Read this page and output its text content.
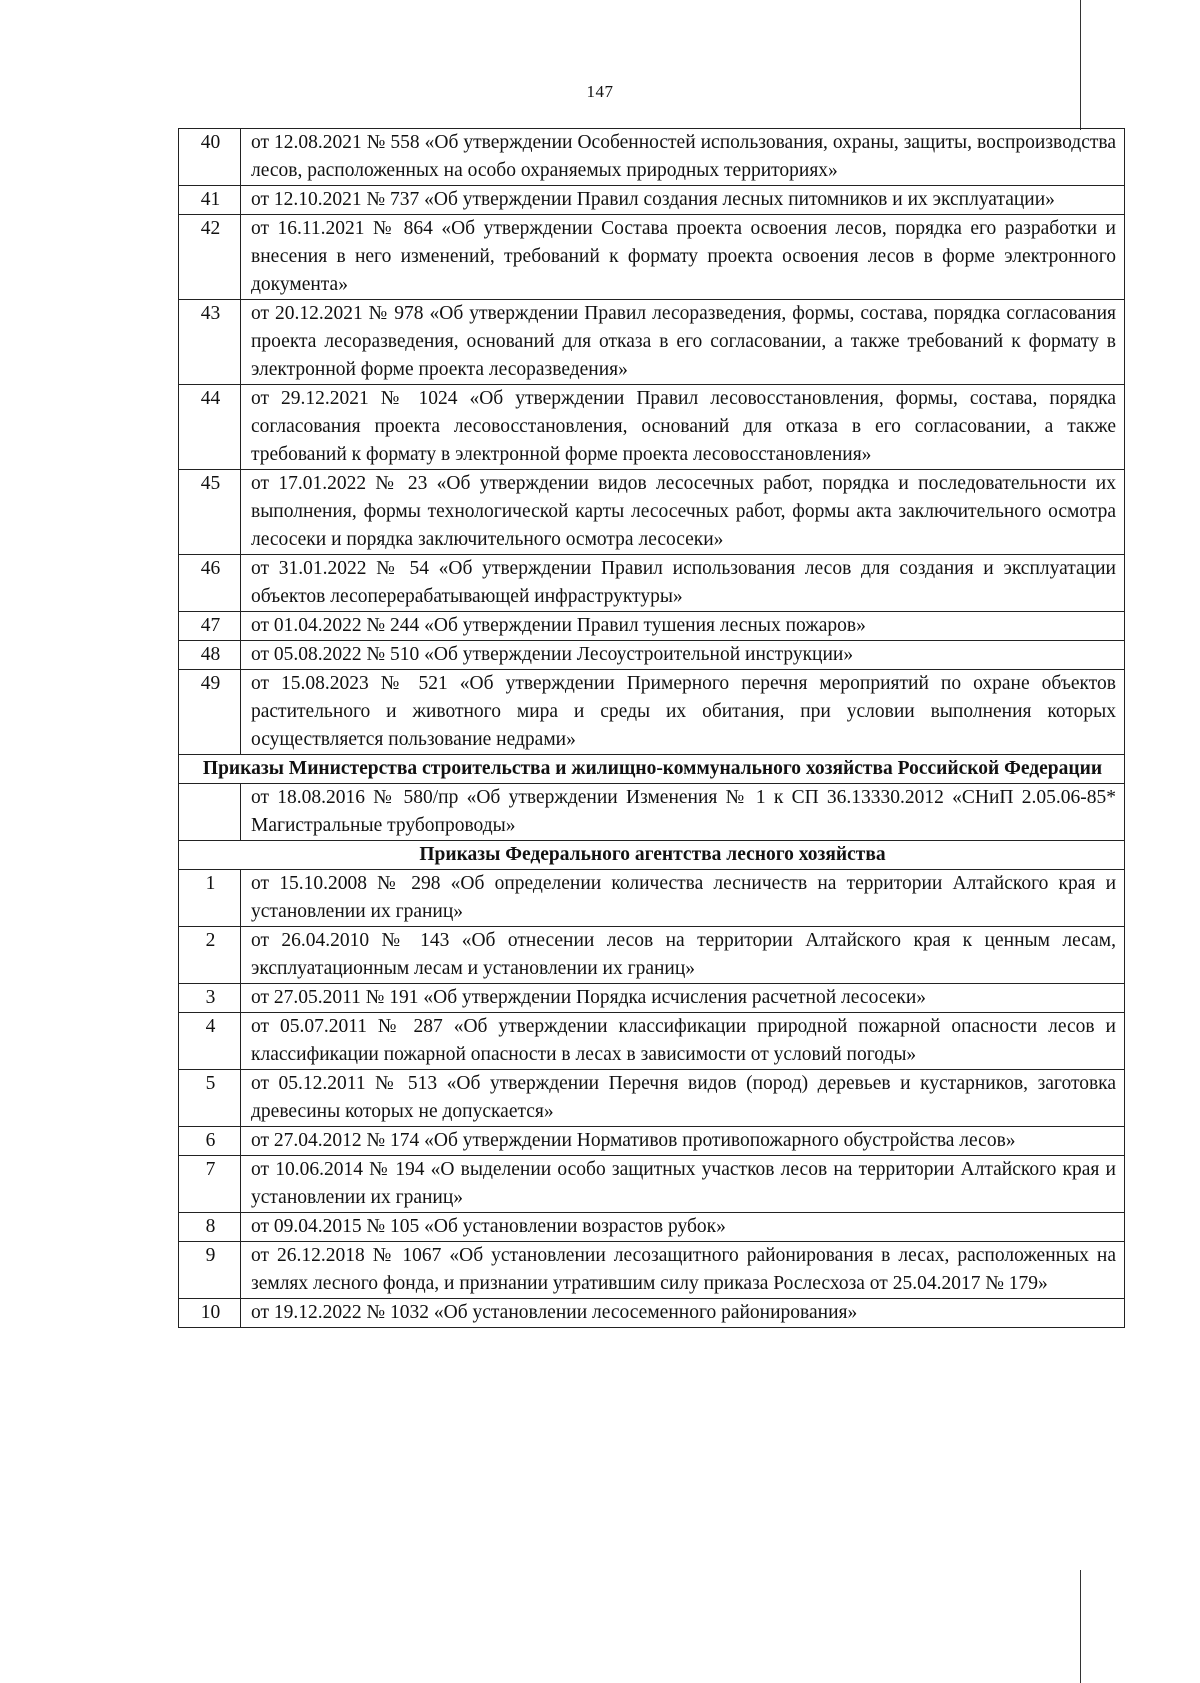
147
40	от 12.08.2021 № 558 «Об утверждении Особенностей использования, охраны, защиты, воспроизводства лесов, расположенных на особо охраняемых природных территориях»
41	от 12.10.2021 № 737 «Об утверждении Правил создания лесных питомников и их эксплуатации»
42	от 16.11.2021 № 864 «Об утверждении Состава проекта освоения лесов, порядка его разработки и внесения в него изменений, требований к формату проекта освоения лесов в форме электронного документа»
43	от 20.12.2021 № 978 «Об утверждении Правил лесоразведения, формы, состава, порядка согласования проекта лесоразведения, оснований для отказа в его согласовании, а также требований к формату в электронной форме проекта лесоразведения»
44	от 29.12.2021 № 1024 «Об утверждении Правил лесовосстановления, формы, состава, порядка согласования проекта лесовосстановления, оснований для отказа в его согласовании, а также требований к формату в электронной форме проекта лесовосстановления»
45	от 17.01.2022 № 23 «Об утверждении видов лесосечных работ, порядка и последовательности их выполнения, формы технологической карты лесосечных работ, формы акта заключительного осмотра лесосеки и порядка заключительного осмотра лесосеки»
46	от 31.01.2022 № 54 «Об утверждении Правил использования лесов для создания и эксплуатации объектов лесоперерабатывающей инфраструктуры»
47	от 01.04.2022 № 244 «Об утверждении Правил тушения лесных пожаров»
48	от 05.08.2022 № 510 «Об утверждении Лесоустроительной инструкции»
49	от 15.08.2023 № 521 «Об утверждении Примерного перечня мероприятий по охране объектов растительного и животного мира и среды их обитания, при условии выполнения которых осуществляется пользование недрами»
Приказы Министерства строительства и жилищно-коммунального хозяйства Российской Федерации	
	от 18.08.2016 № 580/пр «Об утверждении Изменения № 1 к СП 36.13330.2012 «СНиП 2.05.06-85* Магистральные трубопроводы»
Приказы Федерального агентства лесного хозяйства	
1	от 15.10.2008 № 298 «Об определении количества лесничеств на территории Алтайского края и установлении их границ»
2	от 26.04.2010 № 143 «Об отнесении лесов на территории Алтайского края к ценным лесам, эксплуатационным лесам и установлении их границ»
3	от 27.05.2011 № 191 «Об утверждении Порядка исчисления расчетной лесосеки»
4	от 05.07.2011 № 287 «Об утверждении классификации природной пожарной опасности лесов и классификации пожарной опасности в лесах в зависимости от условий погоды»
5	от 05.12.2011 № 513 «Об утверждении Перечня видов (пород) деревьев и кустарников, заготовка древесины которых не допускается»
6	от 27.04.2012 № 174 «Об утверждении Нормативов противопожарного обустройства лесов»
7	от 10.06.2014 № 194 «О выделении особо защитных участков лесов на территории Алтайского края и установлении их границ»
8	от 09.04.2015 № 105 «Об установлении возрастов рубок»
9	от 26.12.2018 № 1067 «Об установлении лесозащитного районирования в лесах, расположенных на землях лесного фонда, и признании утратившим силу приказа Рослесхоза от 25.04.2017 № 179»
10	от 19.12.2022 № 1032 «Об установлении лесосеменного районирования»
